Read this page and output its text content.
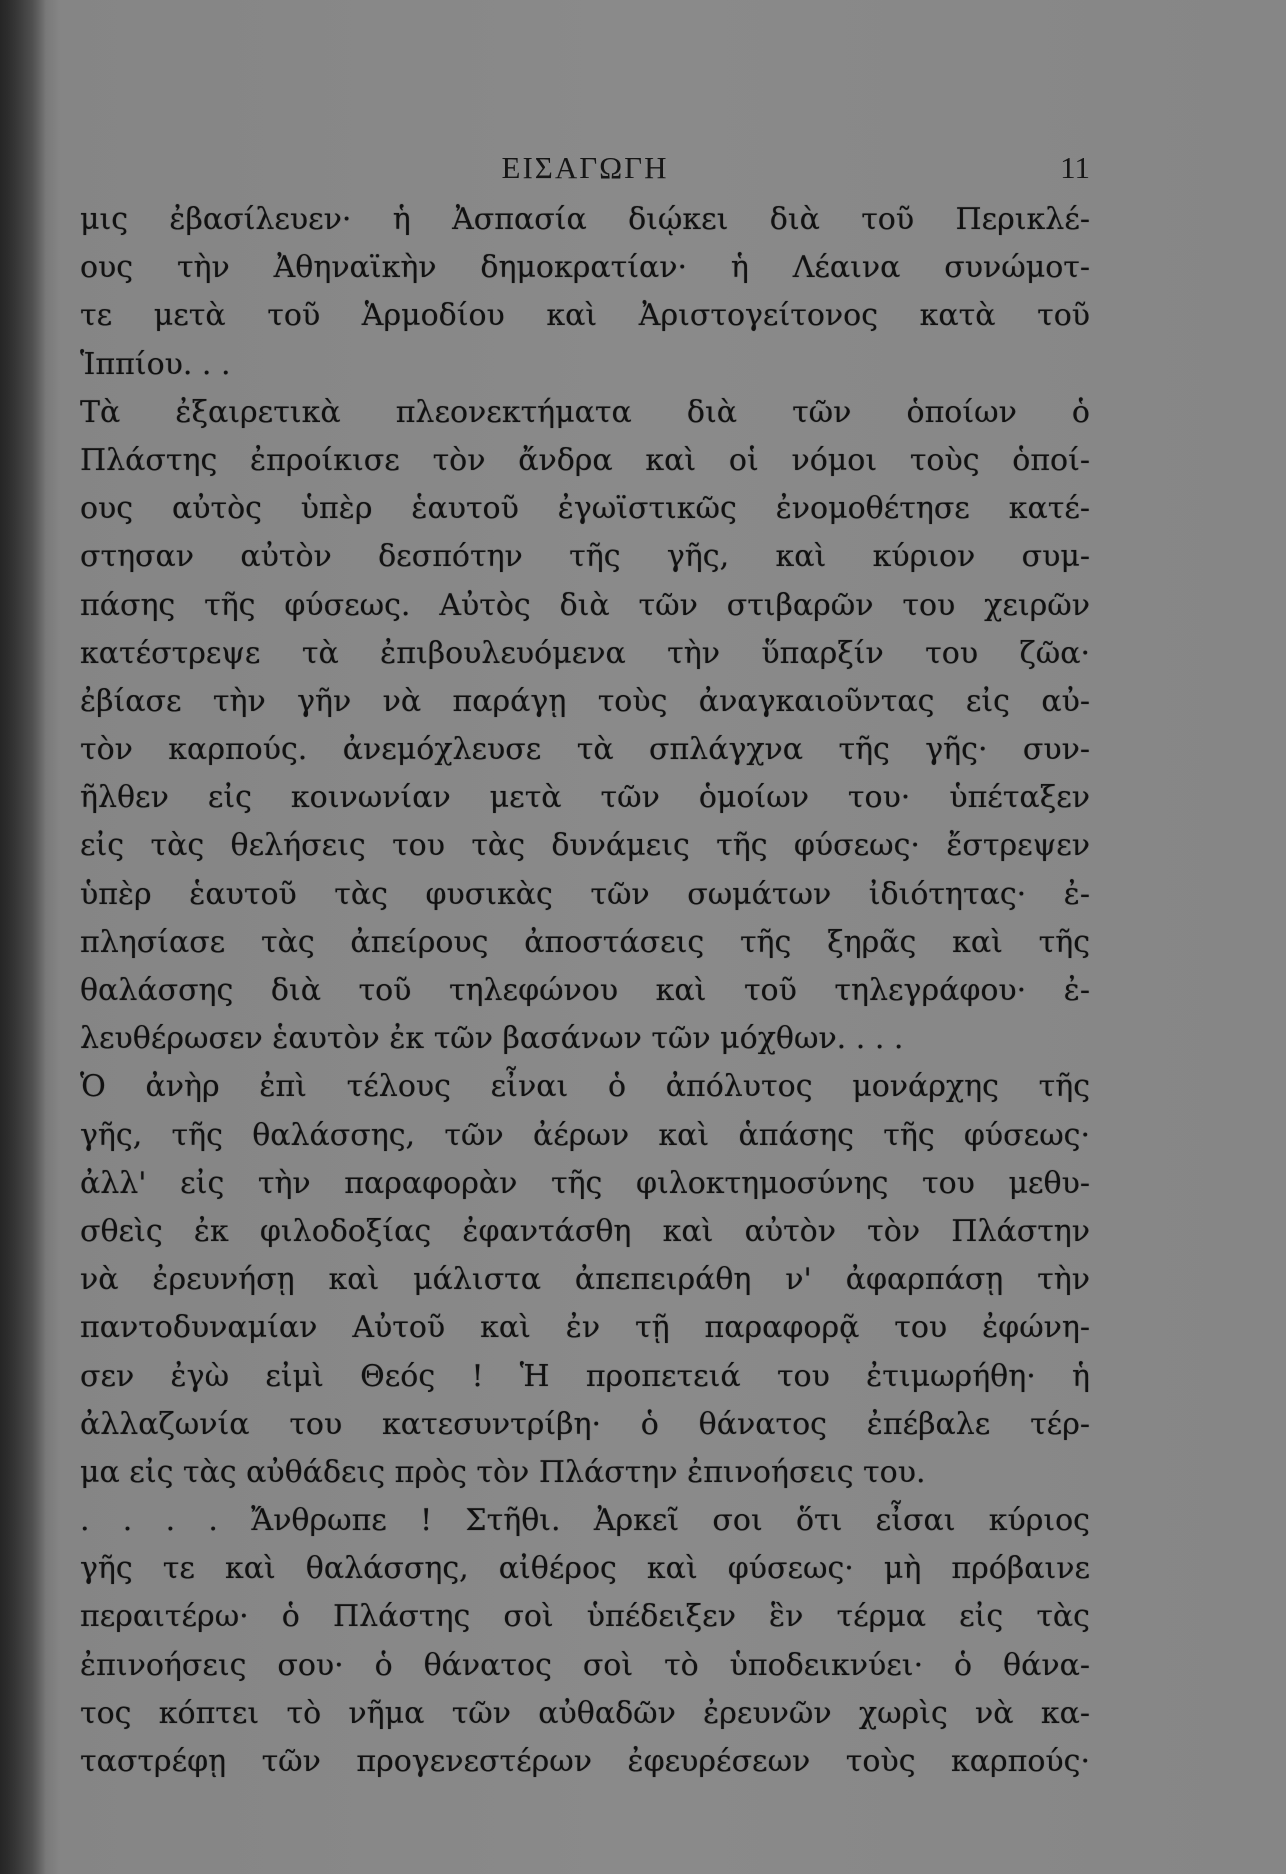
ΕΙΣΑΓΩΓΗ	11
μις ἐβασίλευεν· ἡ Ἀσπασία διῴκει διὰ τοῦ Περικλέ-
ους τὴν Ἀθηναϊκὴν δημοκρατίαν· ἡ Λέαινα συνώμοτ-
τε μετὰ τοῦ Ἁρμοδίου καὶ Ἀριστογείτονος κατὰ τοῦ
Ἱππίου. . .
Τὰ ἐξαιρετικὰ πλεονεκτήματα διὰ τῶν ὁποίων ὁ
Πλάστης ἐπροίκισε τὸν ἄνδρα καὶ οἱ νόμοι τοὺς ὁποί-
ους αὐτὸς ὑπὲρ ἑαυτοῦ ἐγωϊστικῶς ἐνομοθέτησε κατέ-
στησαν αὐτὸν δεσπότην τῆς γῆς, καὶ κύριον συμ-
πάσης τῆς φύσεως. Αὐτὸς διὰ τῶν στιβαρῶν του χειρῶν
κατέστρεψε τὰ ἐπιβουλευόμενα τὴν ὕπαρξίν του ζῶα·
ἐβίασε τὴν γῆν νὰ παράγῃ τοὺς ἀναγκαιοῦντας εἰς αὐ-
τὸν καρπούς. ἀνεμόχλευσε τὰ σπλάγχνα τῆς γῆς· συν-
ῆλθεν εἰς κοινωνίαν μετὰ τῶν ὁμοίων του· ὑπέταξεν
εἰς τὰς θελήσεις του τὰς δυνάμεις τῆς φύσεως· ἔστρεψεν
ὑπὲρ ἑαυτοῦ τὰς φυσικὰς τῶν σωμάτων ἰδιότητας· ἐ-
πλησίασε τὰς ἀπείρους ἀποστάσεις τῆς ξηρᾶς καὶ τῆς
θαλάσσης διὰ τοῦ τηλεφώνου καὶ τοῦ τηλεγράφου· ἐ-
λευθέρωσεν ἑαυτὸν ἐκ τῶν βασάνων τῶν μόχθων. . . .
Ὁ ἀνὴρ ἐπὶ τέλους εἶναι ὁ ἀπόλυτος μονάρχης τῆς
γῆς, τῆς θαλάσσης, τῶν ἀέρων καὶ ἁπάσης τῆς φύσεως·
ἀλλ' εἰς τὴν παραφορὰν τῆς φιλοκτημοσύνης του μεθυ-
σθεὶς ἐκ φιλοδοξίας ἐφαντάσθη καὶ αὐτὸν τὸν Πλάστην
νὰ ἐρευνήσῃ καὶ μάλιστα ἀπεπειράθη ν' ἀφαρπάσῃ τὴν
παντοδυναμίαν Αὐτοῦ καὶ ἐν τῇ παραφορᾷ του ἐφώνη-
σεν ἐγὼ εἰμὶ Θεός ! Ἡ προπετειά του ἐτιμωρήθη· ἡ
ἀλλαζωνία του κατεσυντρίβη· ὁ θάνατος ἐπέβαλε τέρ-
μα εἰς τὰς αὐθάδεις πρὸς τὸν Πλάστην ἐπινοήσεις του.
. . . . Ἄνθρωπε ! Στῆθι. Ἀρκεῖ σοι ὅτι εἶσαι κύριος
γῆς τε καὶ θαλάσσης, αἰθέρος καὶ φύσεως· μὴ πρόβαινε
περαιτέρω· ὁ Πλάστης σοὶ ὑπέδειξεν ἓν τέρμα εἰς τὰς
ἐπινοήσεις σου· ὁ θάνατος σοὶ τὸ ὑποδεικνύει· ὁ θάνα-
τος κόπτει τὸ νῆμα τῶν αὐθαδῶν ἐρευνῶν χωρὶς νὰ κα-
ταστρέφῃ τῶν προγενεστέρων ἐφευρέσεων τοὺς καρπούς·
